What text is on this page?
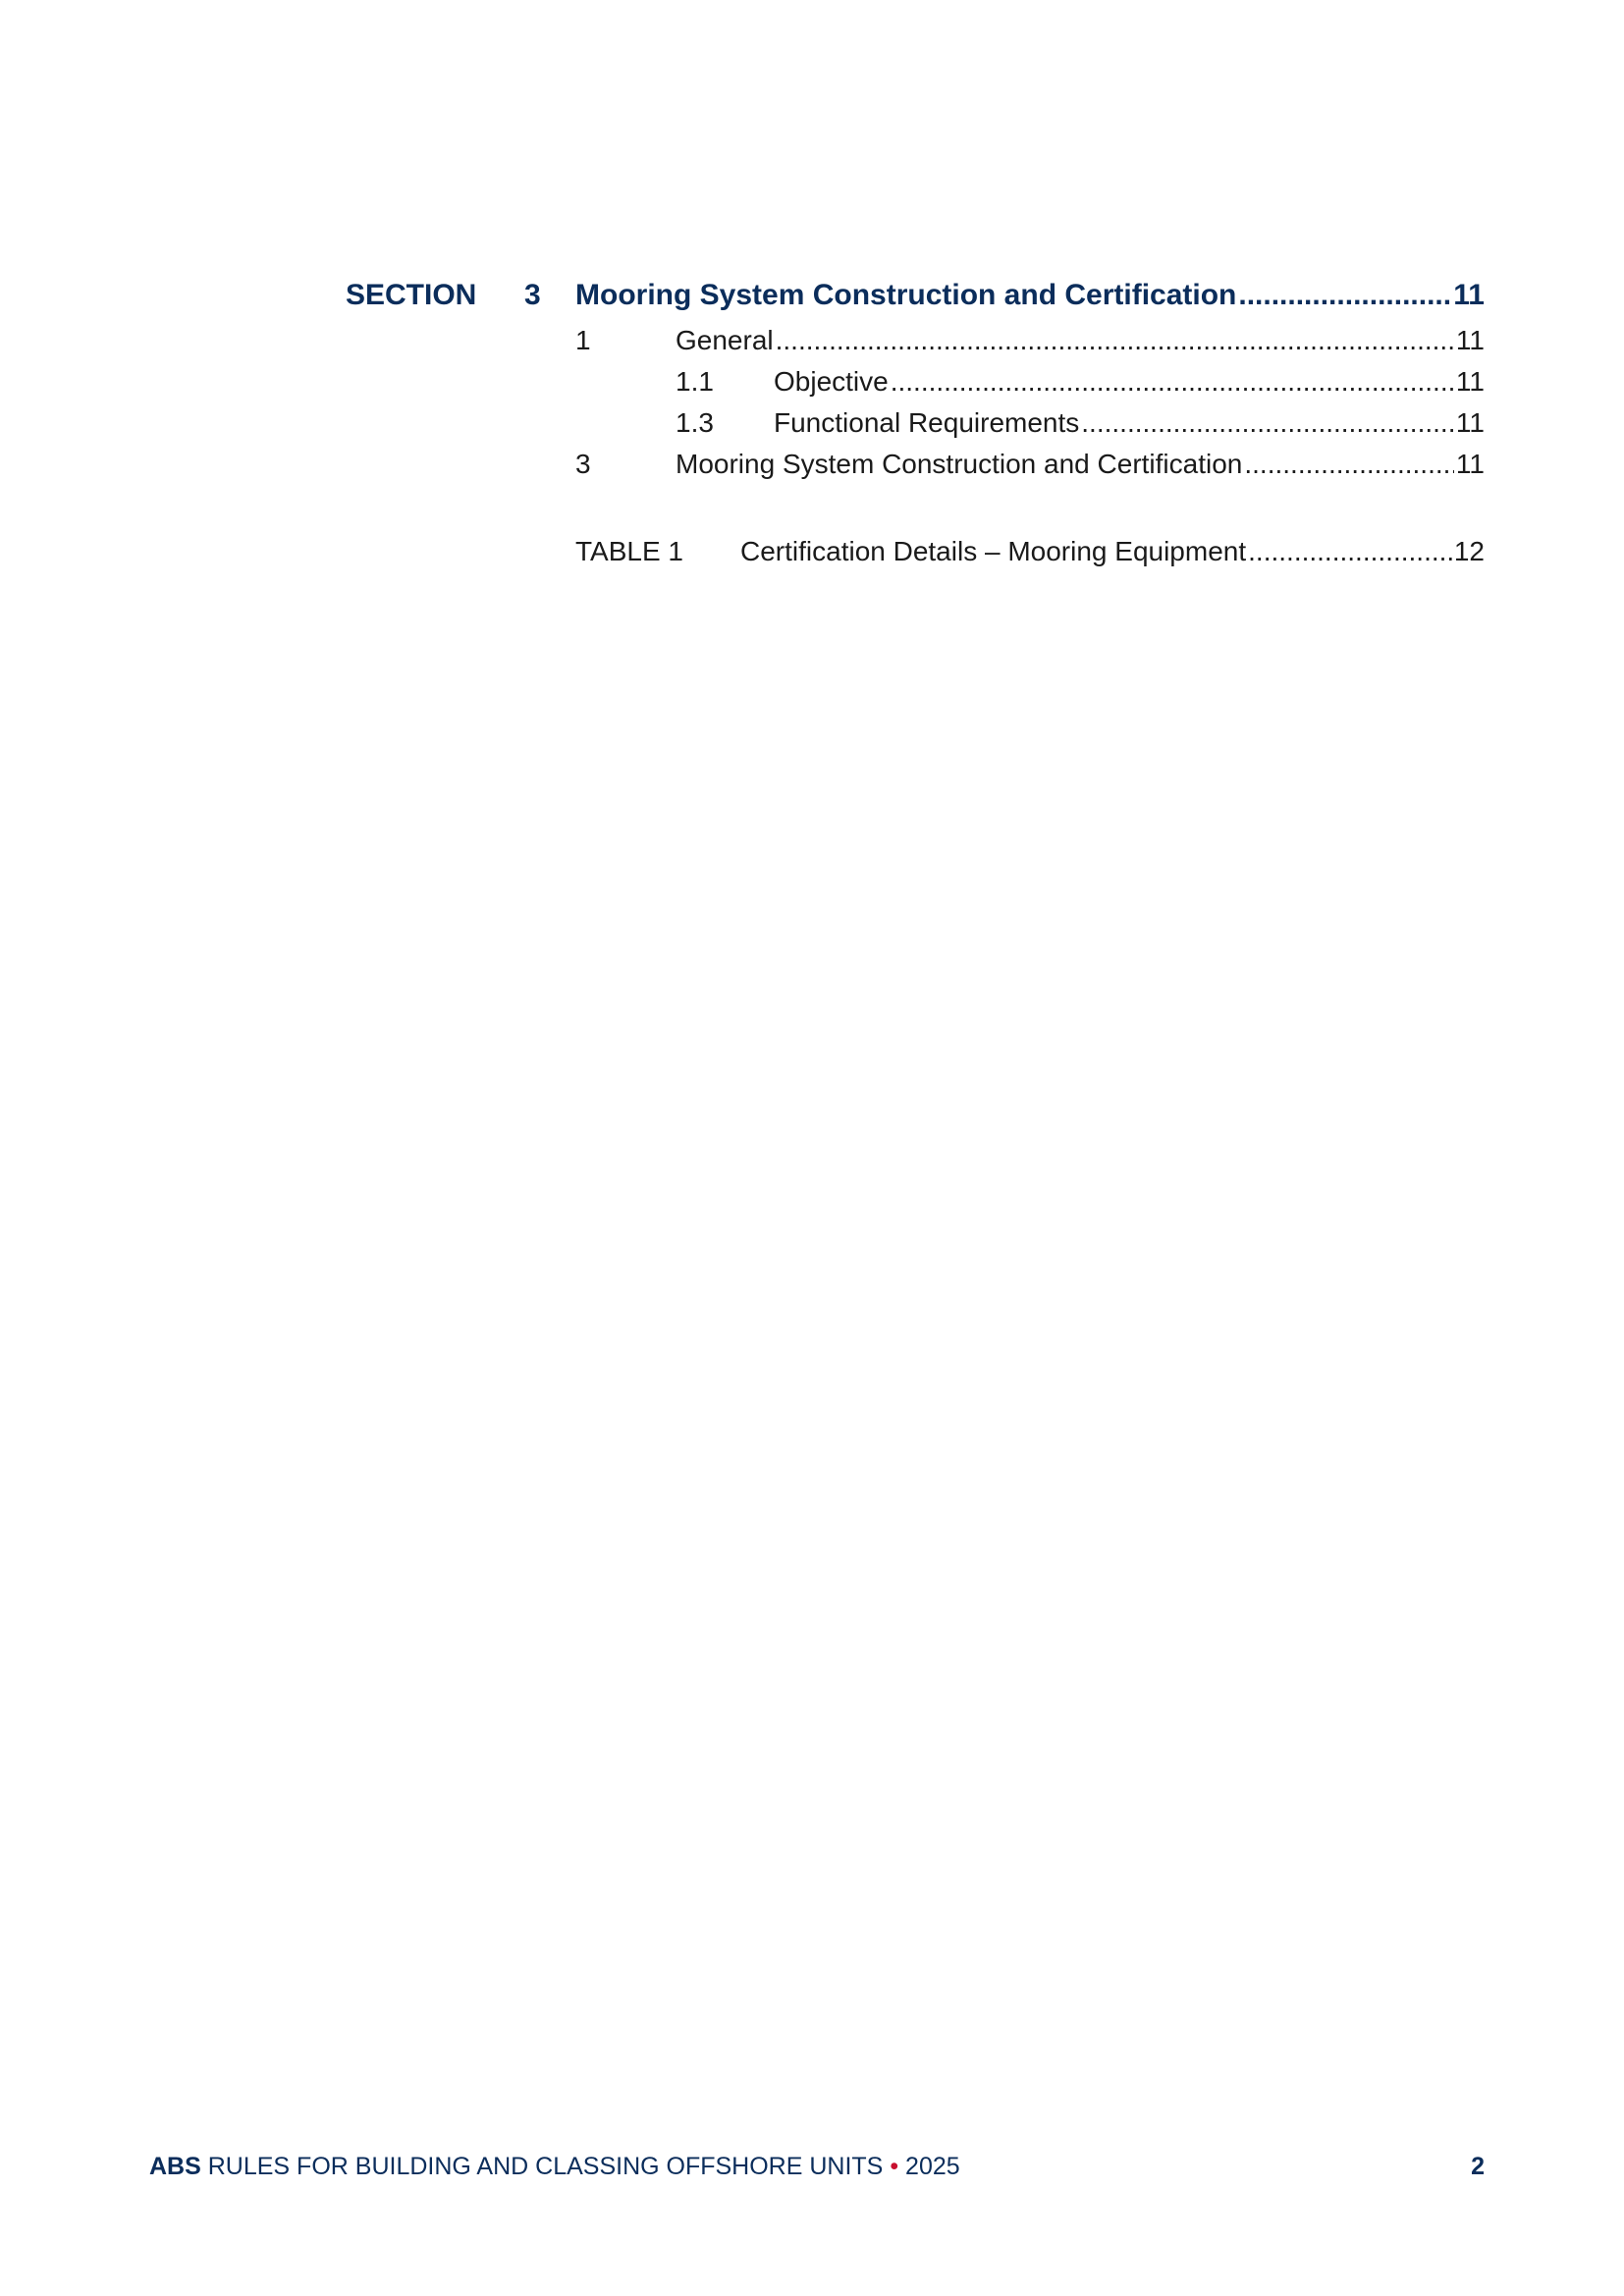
SECTION	3	Mooring System Construction and Certification .....	11
1	General .....	11
1.1	Objective .....	11
1.3	Functional Requirements .....	11
3	Mooring System Construction and Certification .....	11
TABLE 1	Certification Details – Mooring Equipment .....	12
ABS RULES FOR BUILDING AND CLASSING OFFSHORE UNITS • 2025	2
